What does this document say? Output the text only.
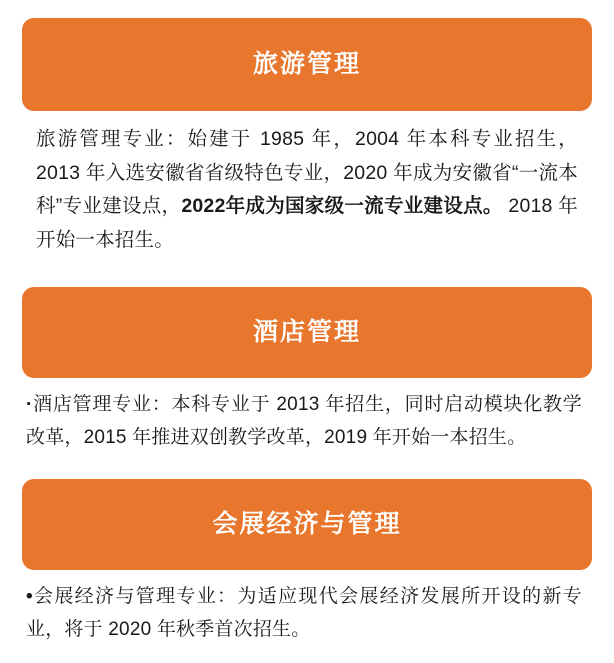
旅游管理
旅游管理专业：始建于 1985 年，2004 年本科专业招生，2013 年入选安徽省省级特色专业，2020 年成为安徽省“一流本科”专业建设点，2022年成为国家级一流专业建设点。 2018 年开始一本招生。
酒店管理
·酒店管理专业：本科专业于 2013 年招生，同时启动模块化教学改革，2015 年推进双创教学改革，2019 年开始一本招生。
会展经济与管理
•会展经济与管理专业：为适应现代会展经济发展所开设的新专业，将于 2020 年秋季首次招生。
